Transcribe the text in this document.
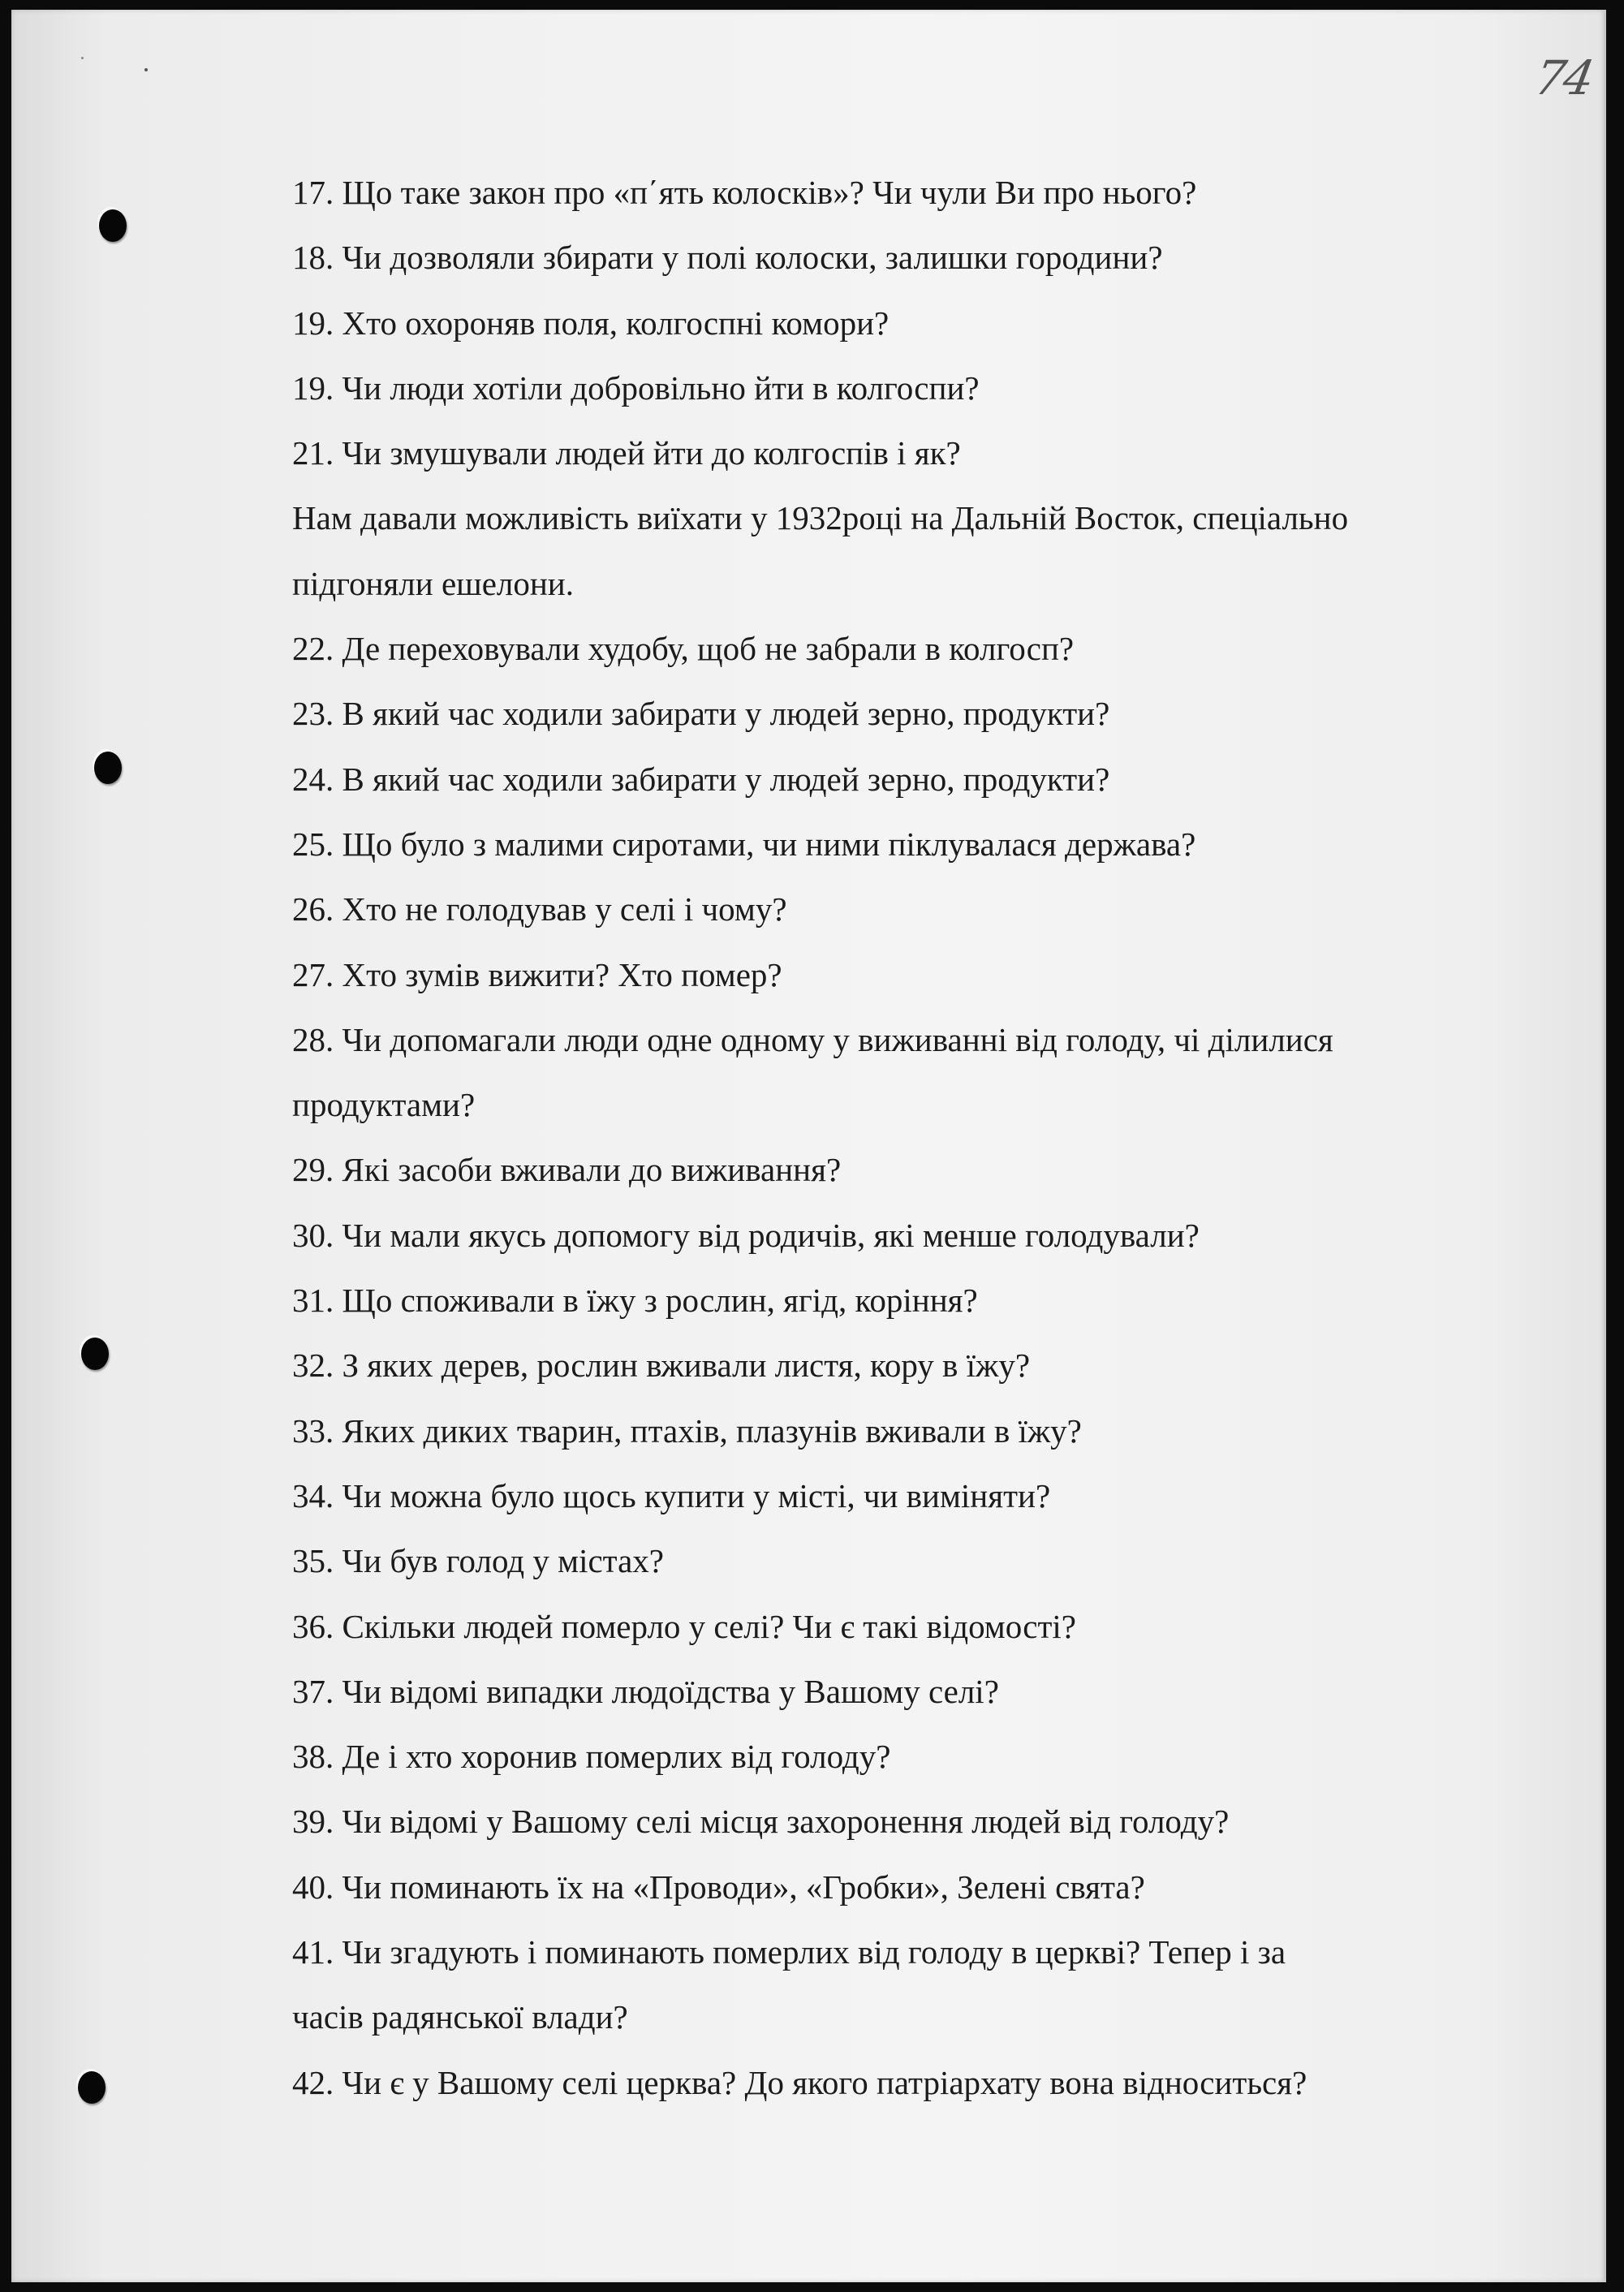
74
17. Що таке закон про «п΄ять колосків»? Чи чули Ви про нього?
18. Чи дозволяли збирати у полі колоски, залишки городини?
19. Хто охороняв поля, колгоспні комори?
19. Чи люди хотіли добровільно йти в колгоспи?
21. Чи змушували людей йти до колгоспів і як?
Нам давали можливість виїхати у 1932році на Дальній Восток, спеціально
підгоняли ешелони.
22. Де переховували худобу, щоб не забрали в колгосп?
23. В який час ходили забирати у людей зерно, продукти?
24. В який час ходили забирати у людей зерно, продукти?
25. Що було з малими сиротами, чи ними піклувалася держава?
26. Хто не голодував у селі і чому?
27. Хто зумів вижити? Хто помер?
28. Чи допомагали люди одне одному у виживанні від голоду, чі ділилися
продуктами?
29. Які засоби вживали до виживання?
30. Чи мали якусь допомогу від родичів, які менше голодували?
31. Що споживали в їжу з рослин, ягід, коріння?
32. З яких дерев, рослин вживали листя, кору в їжу?
33. Яких диких тварин, птахів, плазунів вживали в їжу?
34. Чи можна було щось купити у місті, чи виміняти?
35. Чи був голод у містах?
36. Скільки людей померло у селі? Чи є такі відомості?
37. Чи відомі випадки людоїдства у Вашому селі?
38. Де і хто хоронив померлих від голоду?
39. Чи відомі у Вашому селі місця захоронення людей від голоду?
40. Чи поминають їх на «Проводи», «Гробки», Зелені свята?
41. Чи згадують і поминають померлих від голоду в церкві? Тепер і за
часів радянської влади?
42. Чи є у Вашому селі церква? До якого патріархату вона відноситься?
